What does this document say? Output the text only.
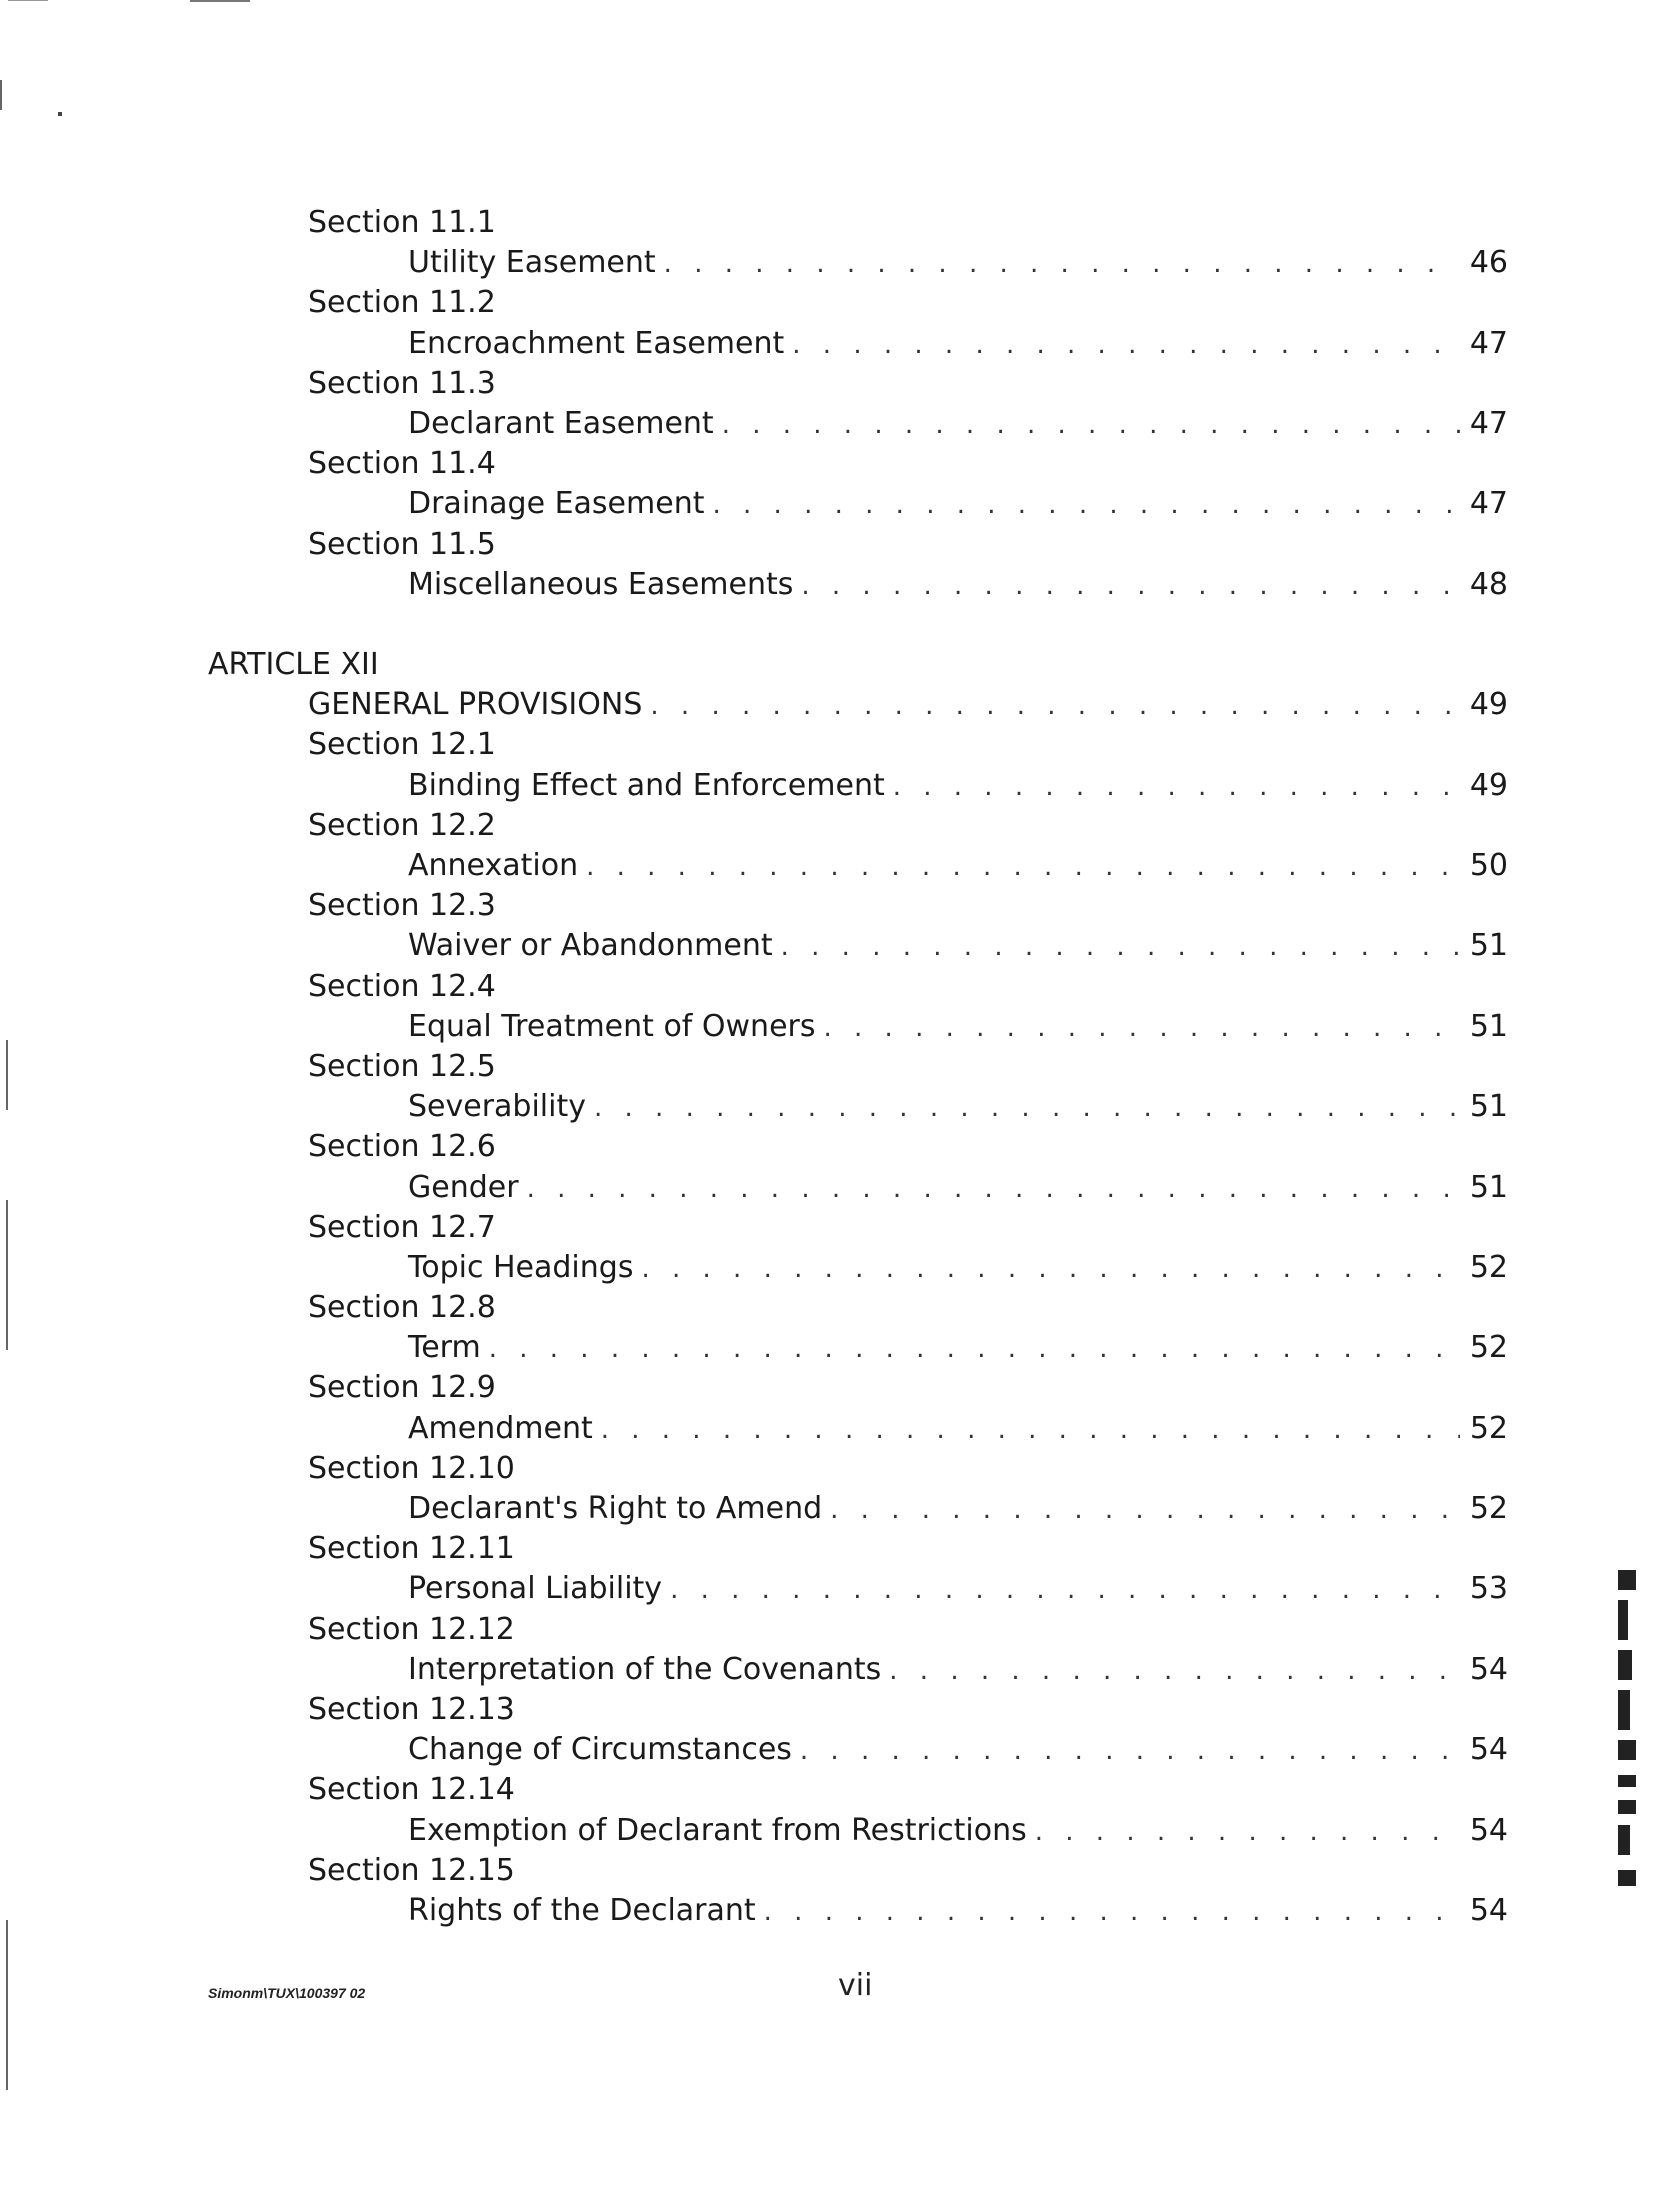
Section 11.1
Utility Easement . . .	46
Section 11.2
Encroachment Easement . . .	47
Section 11.3
Declarant Easement . . .	47
Section 11.4
Drainage Easement . . .	47
Section 11.5
Miscellaneous Easements . . .	48
ARTICLE XII
GENERAL PROVISIONS . . .	49
Section 12.1
Binding Effect and Enforcement . . .	49
Section 12.2
Annexation . . .	50
Section 12.3
Waiver or Abandonment . . .	51
Section 12.4
Equal Treatment of Owners . . .	51
Section 12.5
Severability . . .	51
Section 12.6
Gender . . .	51
Section 12.7
Topic Headings . . .	52
Section 12.8
Term . . .	52
Section 12.9
Amendment . . .	52
Section 12.10
Declarant's Right to Amend . . .	52
Section 12.11
Personal Liability . . .	53
Section 12.12
Interpretation of the Covenants . . .	54
Section 12.13
Change of Circumstances . . .	54
Section 12.14
Exemption of Declarant from Restrictions . . .	54
Section 12.15
Rights of the Declarant . . .	54
Simonm\TUX\100397 02	vii
